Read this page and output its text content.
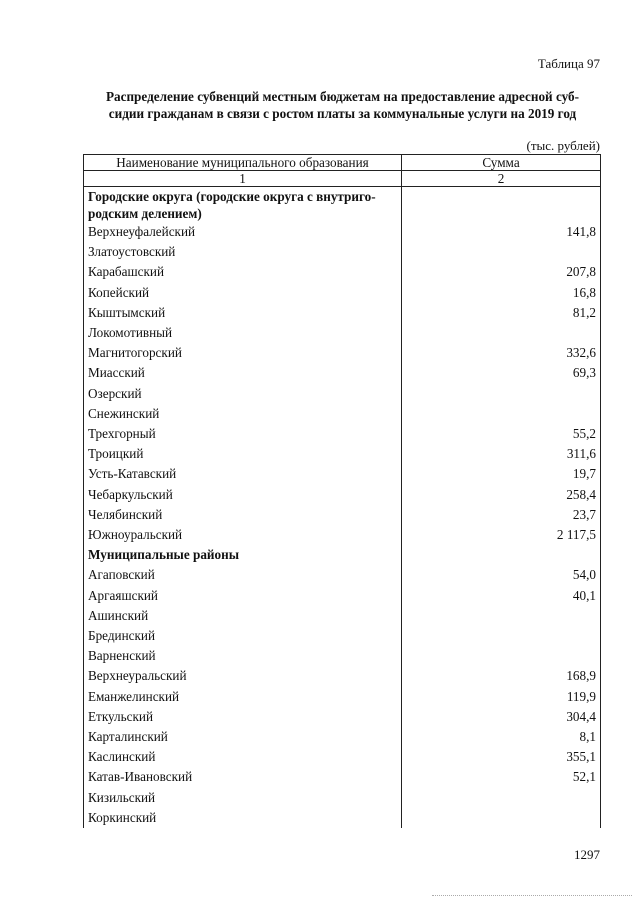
Таблица 97
Распределение субвенций местным бюджетам на предоставление адресной суб-сидии гражданам в связи с ростом платы за коммунальные услуги на 2019 год
(тыс. рублей)
Наименование муниципального образования	Сумма
1	2
Городские округа (городские округа с внутриго-родским делением)	
Верхнеуфалейский	141,8
Златоустовский	
Карабашский	207,8
Копейский	16,8
Кыштымский	81,2
Локомотивный	
Магнитогорский	332,6
Миасский	69,3
Озерский	
Снежинский	
Трехгорный	55,2
Троицкий	311,6
Усть-Катавский	19,7
Чебаркульский	258,4
Челябинский	23,7
Южноуральский	2 117,5
Муниципальные районы	
Агаповский	54,0
Аргаяшский	40,1
Ашинский	
Брединский	
Варненский	
Верхнеуральский	168,9
Еманжелинский	119,9
Еткульский	304,4
Карталинский	8,1
Каслинский	355,1
Катав-Ивановский	52,1
Кизильский	
Коркинский	
1297
